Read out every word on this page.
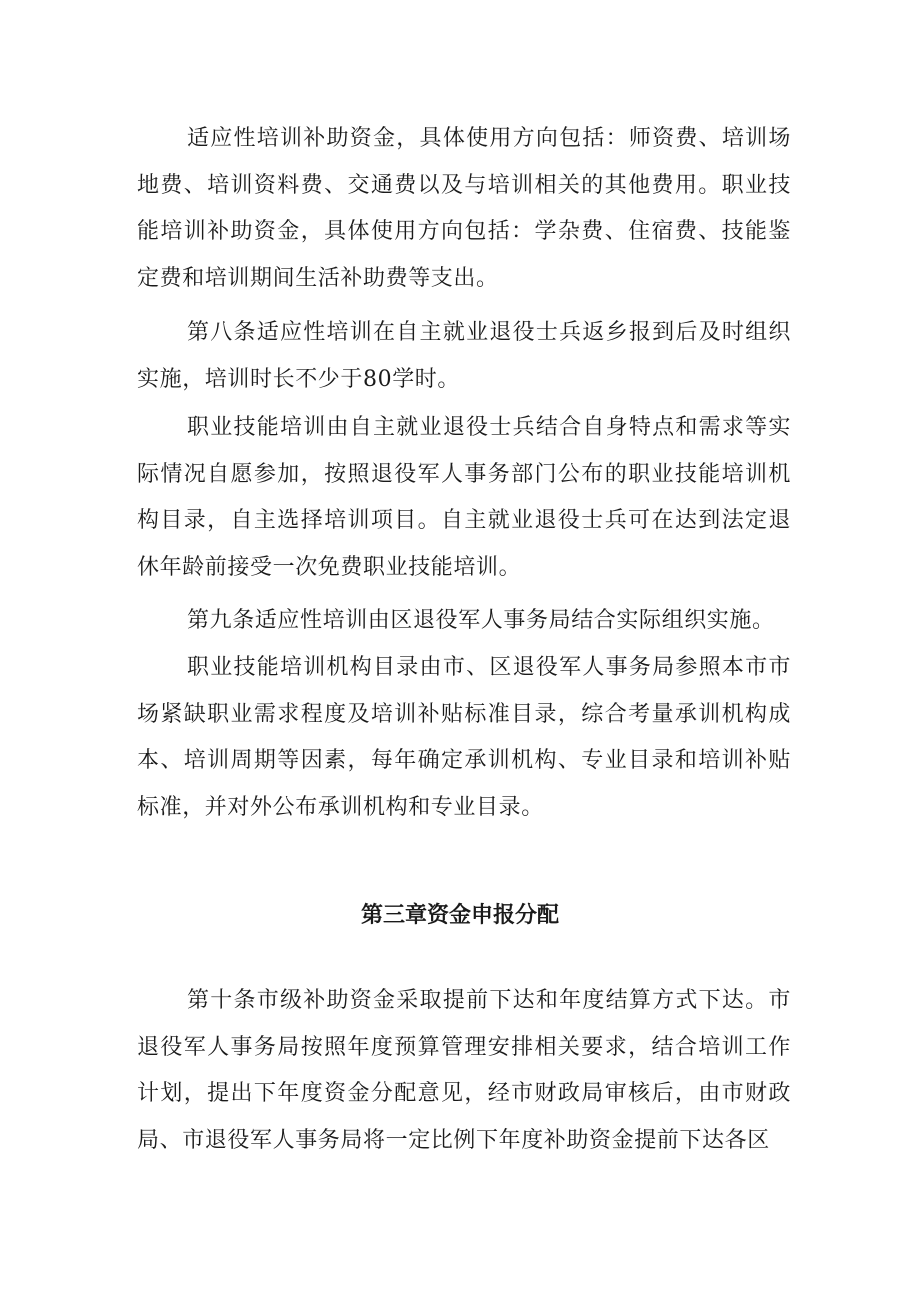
适应性培训补助资金，具体使用方向包括：师资费、培训场地费、培训资料费、交通费以及与培训相关的其他费用。职业技能培训补助资金，具体使用方向包括：学杂费、住宿费、技能鉴定费和培训期间生活补助费等支出。

第八条适应性培训在自主就业退役士兵返乡报到后及时组织实施，培训时长不少于80学时。

职业技能培训由自主就业退役士兵结合自身特点和需求等实际情况自愿参加，按照退役军人事务部门公布的职业技能培训机构目录，自主选择培训项目。自主就业退役士兵可在达到法定退休年龄前接受一次免费职业技能培训。

第九条适应性培训由区退役军人事务局结合实际组织实施。

职业技能培训机构目录由市、区退役军人事务局参照本市市场紧缺职业需求程度及培训补贴标准目录，综合考量承训机构成本、培训周期等因素，每年确定承训机构、专业目录和培训补贴标准，并对外公布承训机构和专业目录。

第三章资金申报分配

第十条市级补助资金采取提前下达和年度结算方式下达。市退役军人事务局按照年度预算管理安排相关要求，结合培训工作计划，提出下年度资金分配意见，经市财政局审核后，由市财政局、市退役军人事务局将一定比例下年度补助资金提前下达各区
